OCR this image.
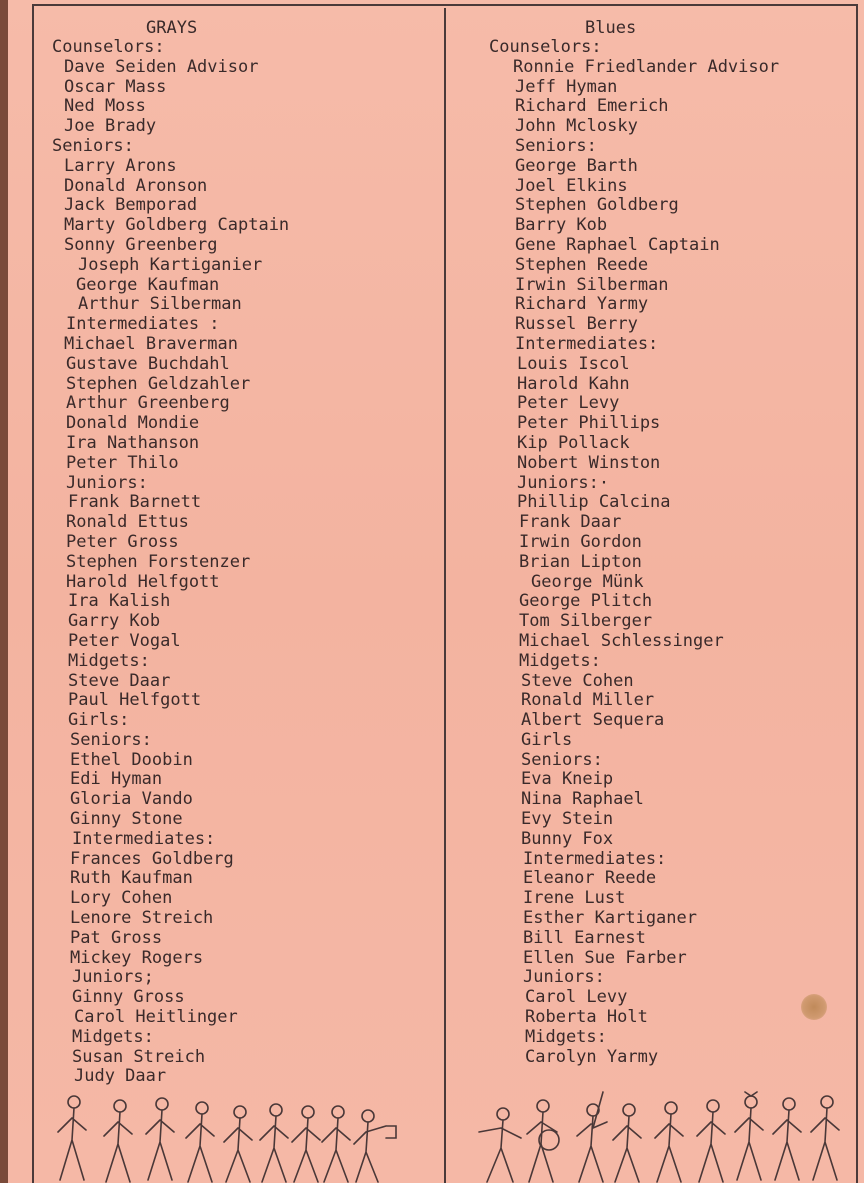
GRAYS
Counselors:
Dave Seiden Advisor
Oscar Mass
Ned Moss
Joe Brady
Seniors:
Larry Arons
Donald Aronson
Jack Bemporad
Marty Goldberg Captain
Sonny Greenberg
Joseph Kartiganier
George Kaufman
Arthur Silberman
Intermediates :
Michael Braverman
Gustave Buchdahl
Stephen Geldzahler
Arthur Greenberg
Donald Mondie
Ira Nathanson
Peter Thilo
Juniors:
Frank Barnett
Ronald Ettus
Peter Gross
Stephen Forstenzer
Harold Helfgott
Ira Kalish
Garry Kob
Peter Vogal
Midgets:
Steve Daar
Paul Helfgott
Girls:
Seniors:
Ethel Doobin
Edi Hyman
Gloria Vando
Ginny Stone
Intermediates:
Frances Goldberg
Ruth Kaufman
Lory Cohen
Lenore Streich
Pat Gross
Mickey Rogers
Juniors;
Ginny Gross
Carol Heitlinger
Midgets:
Susan Streich
Judy Daar
Blues
Counselors:
Ronnie Friedlander Advisor
Jeff Hyman
Richard Emerich
John Mclosky
Seniors:
George Barth
Joel Elkins
Stephen Goldberg
Barry Kob
Gene Raphael Captain
Stephen Reede
Irwin Silberman
Richard Yarmy
Russel Berry
Intermediates:
Louis Iscol
Harold Kahn
Peter Levy
Peter Phillips
Kip Pollack
Nobert Winston
Juniors:·
Phillip Calcina
Frank Daar
Irwin Gordon
Brian Lipton
George Münk
George Plitch
Tom Silberger
Michael Schlessinger
Midgets:
Steve Cohen
Ronald Miller
Albert Sequera
Girls
Seniors:
Eva Kneip
Nina Raphael
Evy Stein
Bunny Fox
Intermediates:
Eleanor Reede
Irene Lust
Esther Kartiganer
Bill Earnest
Ellen Sue Farber
Juniors:
Carol Levy
Roberta Holt
Midgets:
Carolyn Yarmy
